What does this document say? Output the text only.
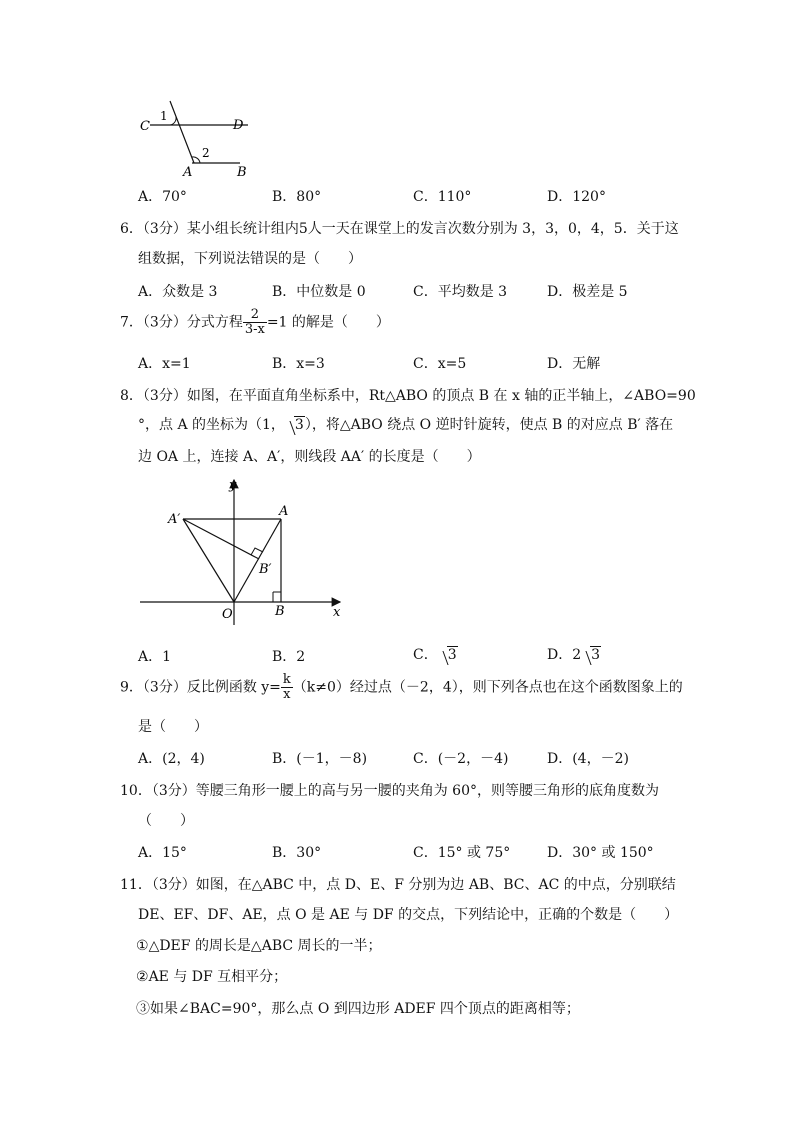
C	D
A	B
1
2
A．70°	B．80°	C．110°	D．120°
6．（3分）某小组长统计组内5人一天在课堂上的发言次数分别为 3，3，0，4，5．关于这
组数据，下列说法错误的是（　　）
A．众数是 3	B．中位数是 0	C．平均数是 3	D．极差是 5
7．（3分）分式方程 $\frac{2}{3-x} =1$ 的解是（　　）
A．x=1	B．x=3	C．x=5	D．无解
8．（3分）如图，在平面直角坐标系中，Rt△ABO 的顶点 B 在 x 轴的正半轴上，∠ABO=90
°，点 A 的坐标为（1， 3），将△ABO 绕点 O 逆时针旋转，使点 B 的对应点 B′ 落在
边 OA 上，连接 A、A′，则线段 AA′ 的长度是（　　）
y
x
A
A′
B′
O	B
A．1	B．2	C． 3	D．2 3
9．（3分）反比例函数 $y= \frac{k}{x} (k\ne 0)$经过点（－2，4），则下列各点也在这个函数图象上的
是（　　）
A．(2，4)	B．(－1，－8)	C．(－2，－4)	D．(4，－2)
10．（3分）等腰三角形一腰上的高与另一腰的夹角为 60°，则等腰三角形的底角度数为
（　　）
A．15°	B．30°	C．15° 或 75°	D．30° 或 150°
11．（3分）如图，在△ABC 中，点 D、E、F 分别为边 AB、BC、AC 的中点，分别联结
DE、EF、DF、AE，点 O 是 AE 与 DF 的交点，下列结论中，正确的个数是（　　）
①△DEF 的周长是△ABC 周长的一半；
②AE 与 DF 互相平分；
③如果∠BAC=90°，那么点 O 到四边形 ADEF 四个顶点的距离相等；
